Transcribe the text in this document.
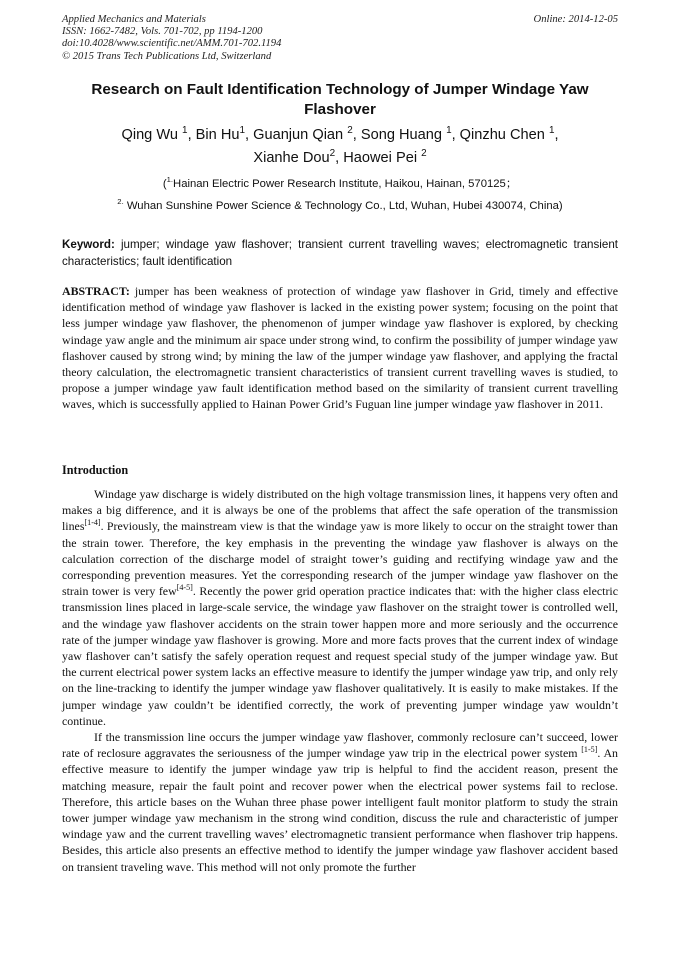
Applied Mechanics and Materials
ISSN: 1662-7482, Vols. 701-702, pp 1194-1200
doi:10.4028/www.scientific.net/AMM.701-702.1194
© 2015 Trans Tech Publications Ltd, Switzerland
Online: 2014-12-05
Research on Fault Identification Technology of Jumper Windage Yaw Flashover
Qing Wu $^1$, Bin Hu$^1$, Guanjun Qian $^2$, Song Huang $^1$, Qinzhu Chen $^1$,
Xianhe Dou$^2$, Haowei Pei $^2$
($^{1.}$Hainan Electric Power Research Institute, Haikou, Hainan, 570125；
$^{2.}$ Wuhan Sunshine Power Science & Technology Co., Ltd, Wuhan, Hubei 430074, China)
Keyword: jumper; windage yaw flashover; transient current travelling waves; electromagnetic transient characteristics; fault identification
ABSTRACT: jumper has been weakness of protection of windage yaw flashover in Grid, timely and effective identification method of windage yaw flashover is lacked in the existing power system; focusing on the point that less jumper windage yaw flashover, the phenomenon of jumper windage yaw flashover is explored, by checking windage yaw angle and the minimum air space under strong wind, to confirm the possibility of jumper windage yaw flashover caused by strong wind; by mining the law of the jumper windage yaw flashover, and applying the fractal theory calculation, the electromagnetic transient characteristics of transient current travelling waves is studied, to propose a jumper windage yaw fault identification method based on the similarity of transient current travelling waves, which is successfully applied to Hainan Power Grid’s Fuguan line jumper windage yaw flashover in 2011.
Introduction

Windage yaw discharge is widely distributed on the high voltage transmission lines, it happens very often and makes a big difference, and it is always be one of the problems that affect the safe operation of the transmission lines[1-4]. Previously, the mainstream view is that the windage yaw is more likely to occur on the straight tower than the strain tower. Therefore, the key emphasis in the preventing the windage yaw flashover is always on the calculation correction of the discharge model of straight tower’s guiding and rectifying windage yaw and the corresponding prevention measures. Yet the corresponding research of the jumper windage yaw flashover on the strain tower is very few[4-5]. Recently the power grid operation practice indicates that: with the higher class electric transmission lines placed in large-scale service, the windage yaw flashover on the straight tower is controlled well, and the windage yaw flashover accidents on the strain tower happen more and more seriously and the occurrence rate of the jumper windage yaw flashover is growing. More and more facts proves that the current index of windage yaw flashover can’t satisfy the safely operation request and request special study of the jumper windage yaw. But the current electrical power system lacks an effective measure to identify the jumper windage yaw trip, and only rely on the line-tracking to identify the jumper windage yaw flashover qualitatively. It is easily to make mistakes. If the jumper windage yaw couldn’t be identified correctly, the work of preventing jumper windage yaw wouldn’t continue.

If the transmission line occurs the jumper windage yaw flashover, commonly reclosure can’t succeed, lower rate of reclosure aggravates the seriousness of the jumper windage yaw trip in the electrical power system [1-5]. An effective measure to identify the jumper windage yaw trip is helpful to find the accident reason, present the matching measure, repair the fault point and recover power when the electrical power systems fail to reclose. Therefore, this article bases on the Wuhan three phase power intelligent fault monitor platform to study the strain tower jumper windage yaw mechanism in the strong wind condition, discuss the rule and characteristic of jumper windage yaw and the current travelling waves’ electromagnetic transient performance when flashover trip happens. Besides, this article also presents an effective method to identify the jumper windage yaw flashover accident based on transient traveling wave. This method will not only promote the further
